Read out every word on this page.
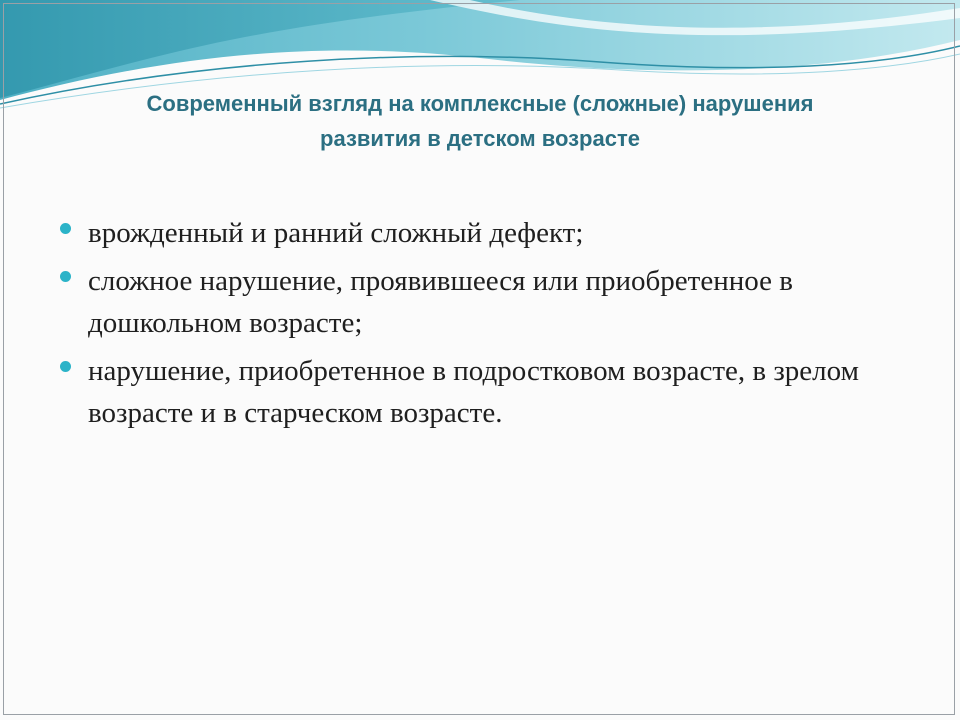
Современный взгляд на комплексные (сложные) нарушения
развития в детском возрасте
врожденный и ранний сложный дефект;
сложное нарушение, проявившееся или приобретенное в дошкольном возрасте;
нарушение, приобретенное в подростковом возрасте, в зрелом возрасте и в старческом возрасте.
